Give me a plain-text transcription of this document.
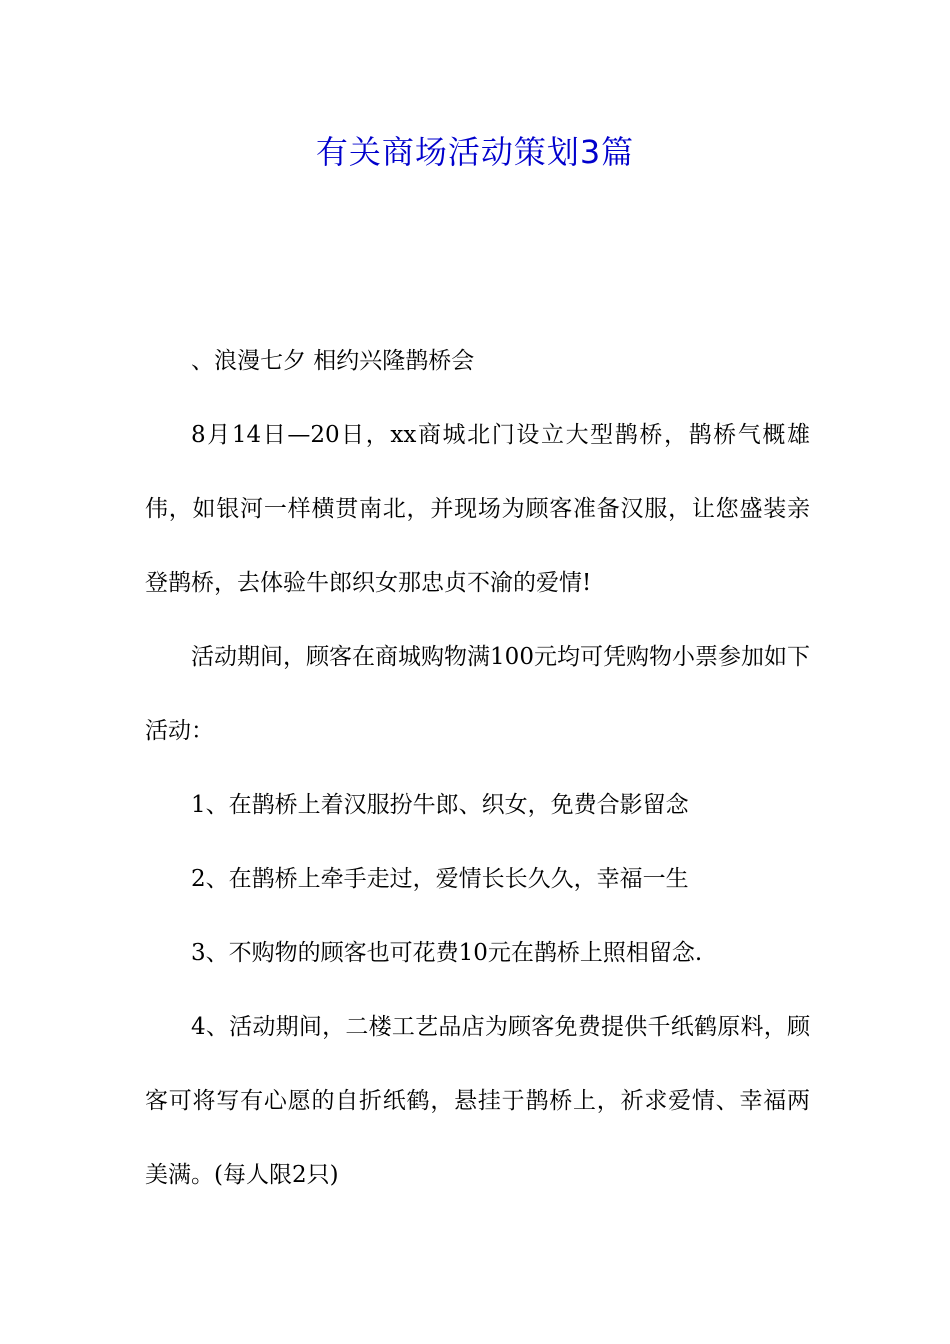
有关商场活动策划3篇

、浪漫七夕 相约兴隆鹊桥会

8月14日—20日，xx商城北门设立大型鹊桥，鹊桥气概雄伟，如银河一样横贯南北，并现场为顾客准备汉服，让您盛装亲登鹊桥，去体验牛郎织女那忠贞不渝的爱情!

活动期间，顾客在商城购物满100元均可凭购物小票参加如下活动：

1、在鹊桥上着汉服扮牛郎、织女，免费合影留念

2、在鹊桥上牵手走过，爱情长长久久，幸福一生

3、不购物的顾客也可花费10元在鹊桥上照相留念.

4、活动期间，二楼工艺品店为顾客免费提供千纸鹤原料，顾客可将写有心愿的自折纸鹤，悬挂于鹊桥上，祈求爱情、幸福两美满。(每人限2只)
